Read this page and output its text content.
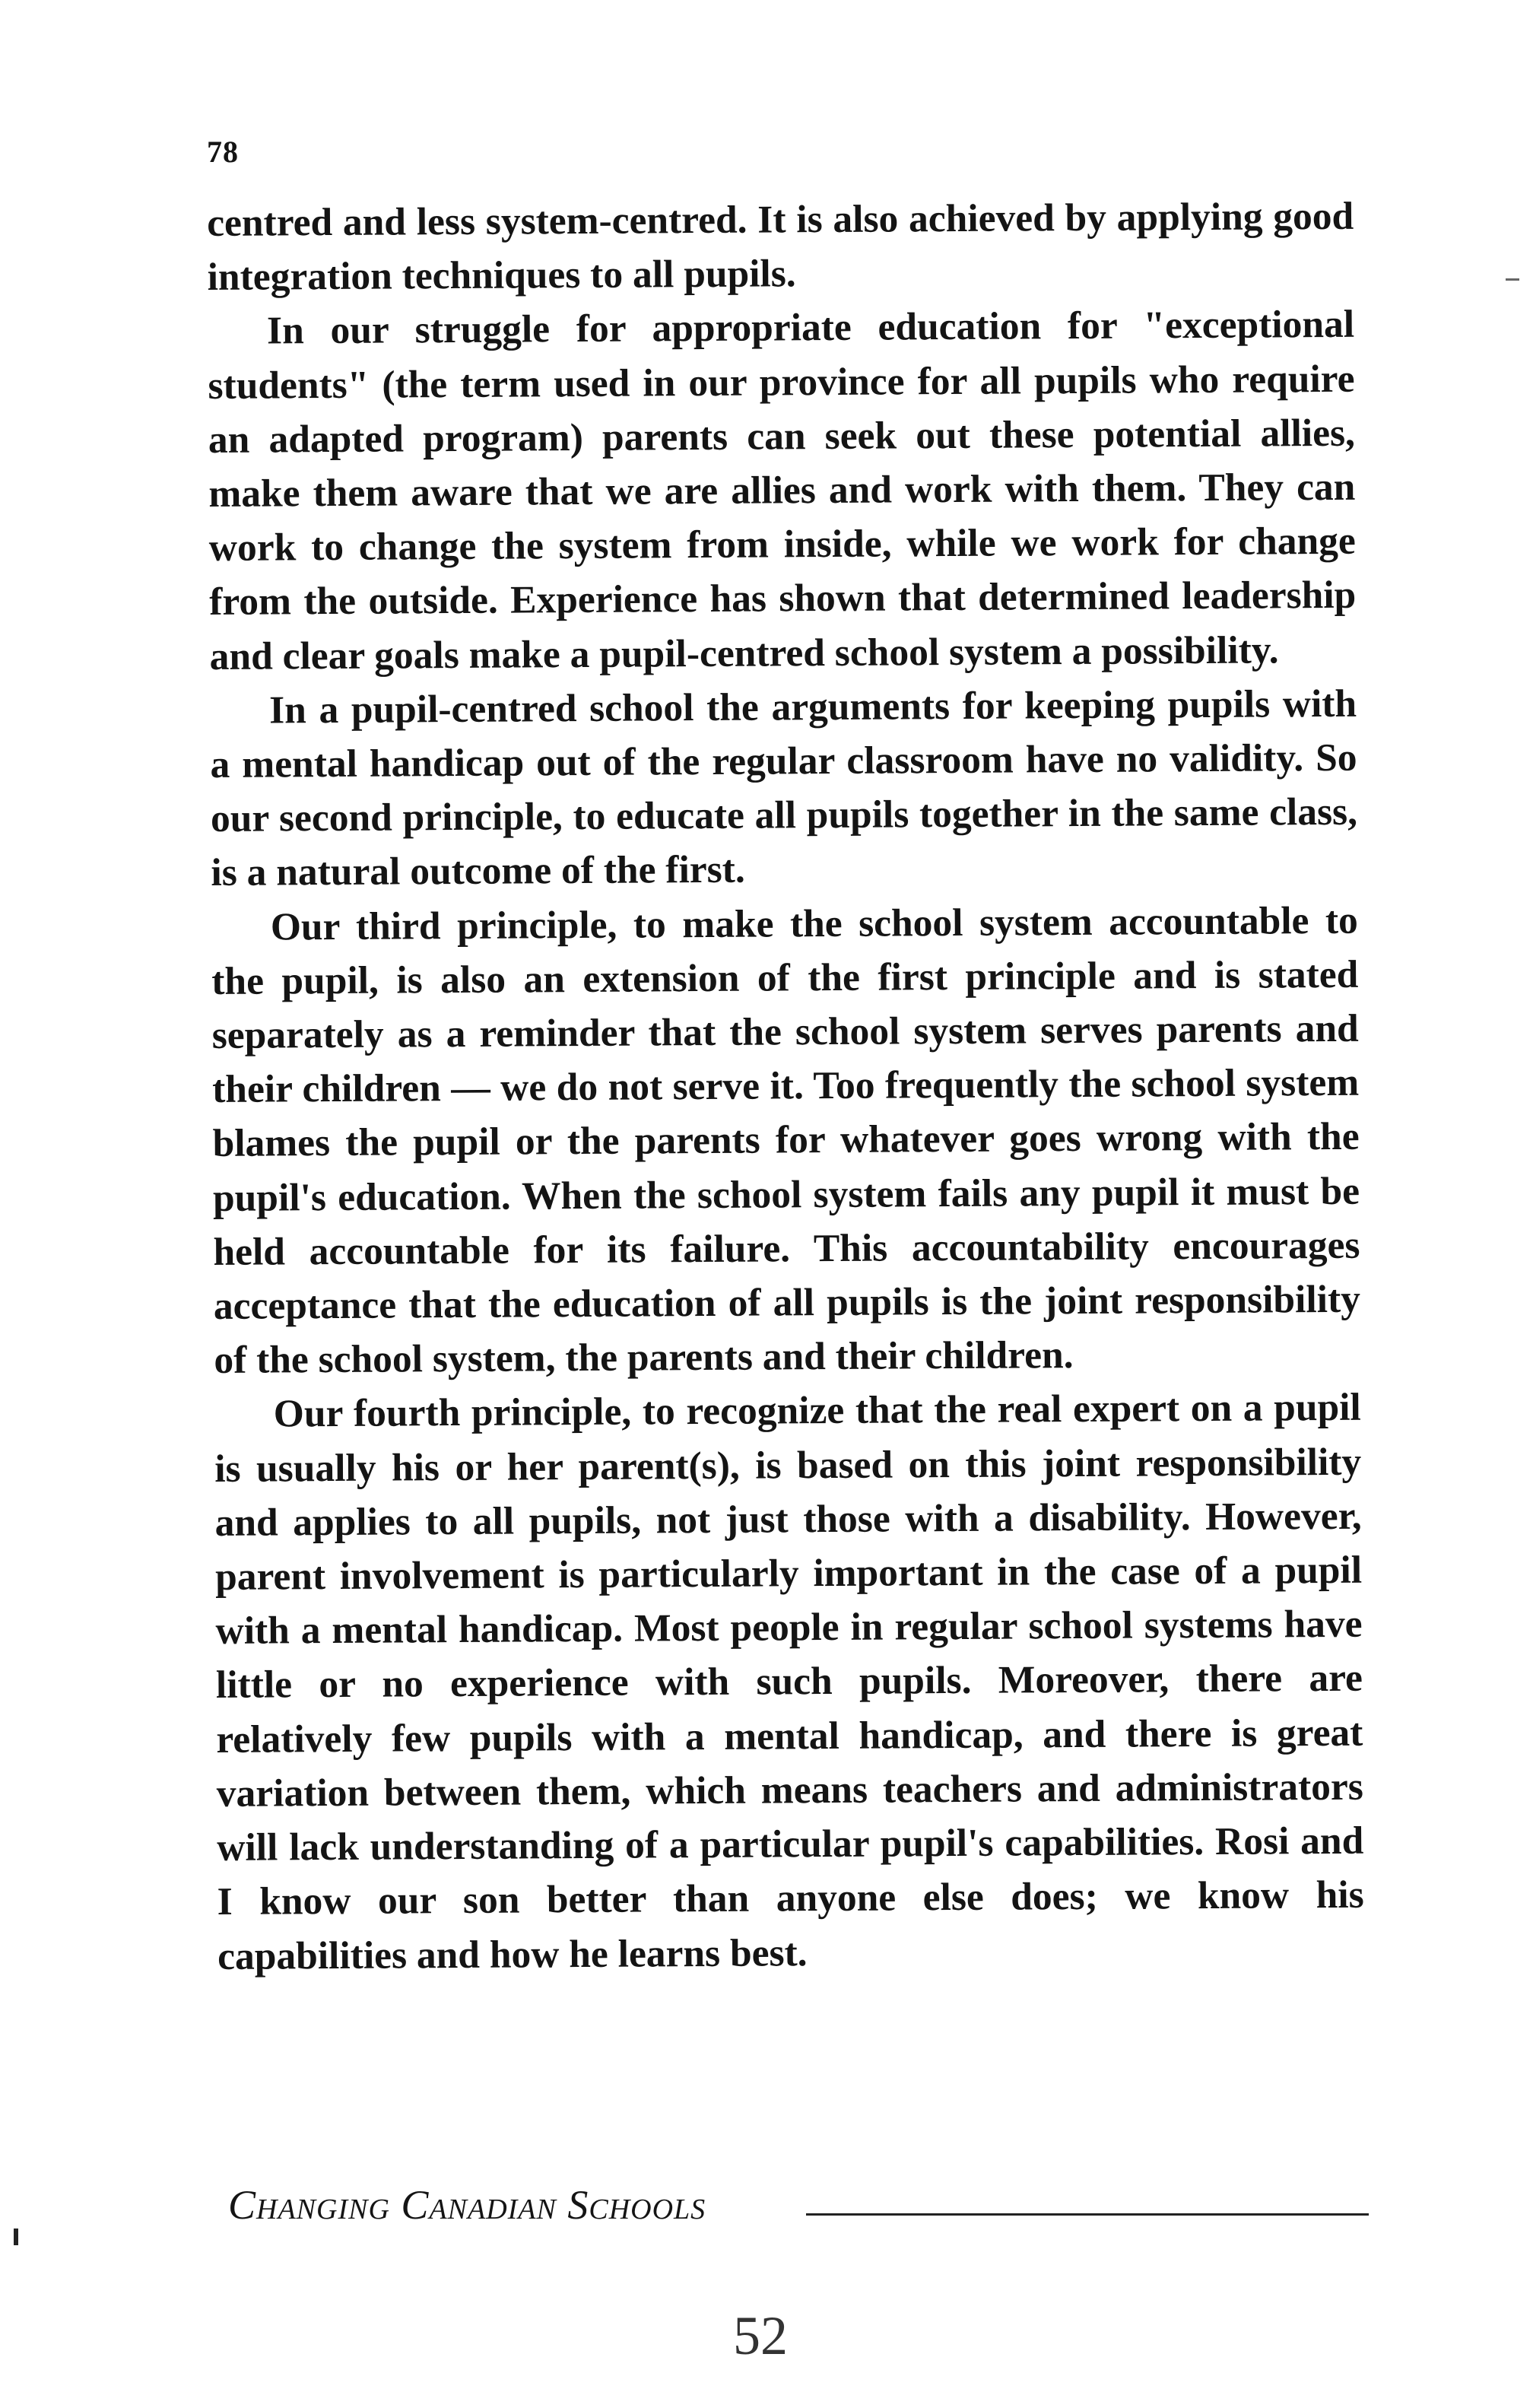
78

centred and less system-centred. It is also achieved by applying good integration techniques to all pupils.

In our struggle for appropriate education for "exceptional students" (the term used in our province for all pupils who require an adapted program) parents can seek out these potential allies, make them aware that we are allies and work with them. They can work to change the system from inside, while we work for change from the outside. Experience has shown that determined leadership and clear goals make a pupil-centred school system a possibility.

In a pupil-centred school the arguments for keeping pupils with a mental handicap out of the regular classroom have no validity. So our second principle, to educate all pupils together in the same class, is a natural outcome of the first.

Our third principle, to make the school system accountable to the pupil, is also an extension of the first principle and is stated separately as a reminder that the school system serves parents and their children — we do not serve it. Too frequently the school system blames the pupil or the parents for whatever goes wrong with the pupil's education. When the school system fails any pupil it must be held accountable for its failure. This accountability encourages acceptance that the education of all pupils is the joint responsibility of the school system, the parents and their children.

Our fourth principle, to recognize that the real expert on a pupil is usually his or her parent(s), is based on this joint responsibility and applies to all pupils, not just those with a disability. However, parent involvement is particularly important in the case of a pupil with a mental handicap. Most people in regular school systems have little or no experience with such pupils. Moreover, there are relatively few pupils with a mental handicap, and there is great variation between them, which means teachers and administrators will lack understanding of a particular pupil's capabilities. Rosi and I know our son better than anyone else does; we know his capabilities and how he learns best.

Changing Canadian Schools
52
